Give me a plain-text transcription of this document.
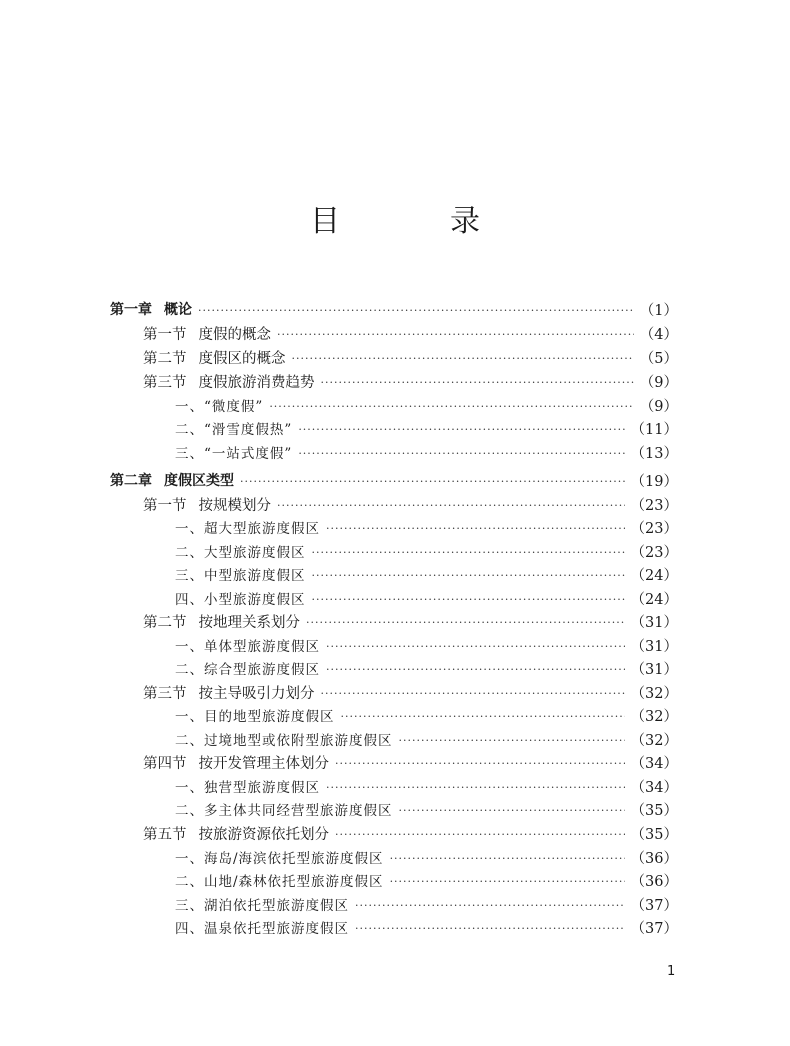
目　录
第一章 概论 ·····	（1）
第一节 度假的概念 ·····	（4）
第二节 度假区的概念 ·····	（5）
第三节 度假旅游消费趋势 ·····	（9）
一、“微度假” ·····	（9）
二、“滑雪度假热” ·····	（11）
三、“一站式度假” ·····	（13）
第二章 度假区类型 ·····	（19）
第一节 按规模划分 ·····	（23）
一、超大型旅游度假区 ·····	（23）
二、大型旅游度假区 ·····	（23）
三、中型旅游度假区 ·····	（24）
四、小型旅游度假区 ·····	（24）
第二节 按地理关系划分 ·····	（31）
一、单体型旅游度假区 ·····	（31）
二、综合型旅游度假区 ·····	（31）
第三节 按主导吸引力划分 ·····	（32）
一、目的地型旅游度假区 ·····	（32）
二、过境地型或依附型旅游度假区 ·····	（32）
第四节 按开发管理主体划分 ·····	（34）
一、独营型旅游度假区 ·····	（34）
二、多主体共同经营型旅游度假区 ·····	（35）
第五节 按旅游资源依托划分 ·····	（35）
一、海岛/海滨依托型旅游度假区 ·····	（36）
二、山地/森林依托型旅游度假区 ·····	（36）
三、湖泊依托型旅游度假区 ·····	（37）
四、温泉依托型旅游度假区 ·····	（37）
1
